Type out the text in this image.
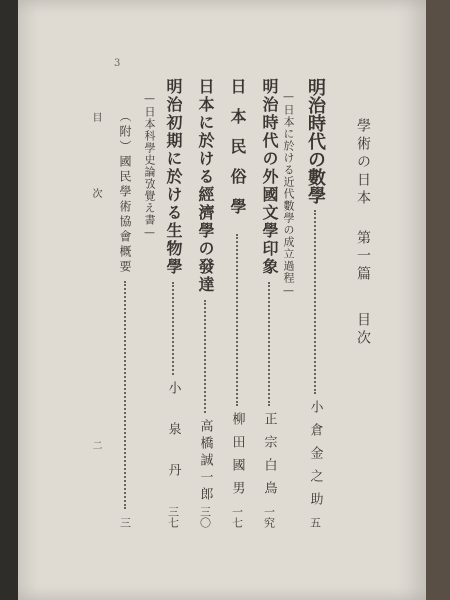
3
學術の日本
第一篇
目次
明治時代の數學
小倉金之助
五
—日本に於ける近代數學の成立過程—
明治時代の外國文學印象
正宗白鳥
一究
日本民俗學
柳田國男
一七
日本に於ける經濟學の發達
高橋誠一郎
三〇
明治初期に於ける生物學
小泉丹
三七
—日本科學史論攷覺え書—
（附）國民學術協會概要
三
目
次
二
